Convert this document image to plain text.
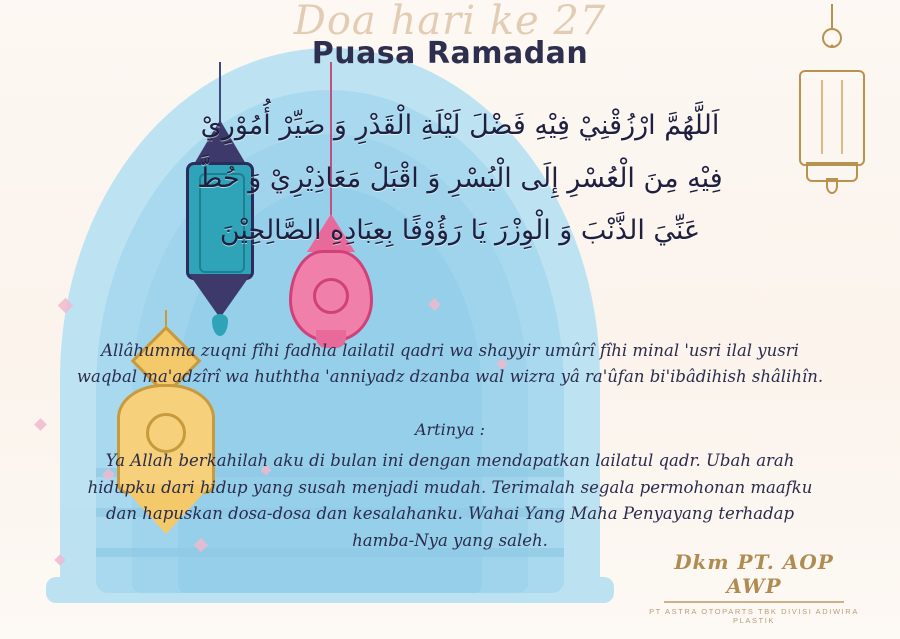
Doa hari ke 27
Puasa Ramadan
اَللَّهُمَّ ارْزُقْنِيْ فِيْهِ فَضْلَ لَيْلَةِ الْقَدْرِ وَ صَيِّرْ أُمُوْرِيْ
فِيْهِ مِنَ الْعُسْرِ إِلَى الْيُسْرِ وَ اقْبَلْ مَعَاذِيْرِيْ وَ حُطَّ
عَنِّيَ الذَّنْبَ وَ الْوِزْرَ يَا رَؤُوْفًا بِعِبَادِهِ الصَّالِحِيْنَ
Allâhumma zuqni fîhi fadhla lailatil qadri wa shayyir umûrî fîhi minal 'usri ilal yusri
waqbal ma'adzîrî wa huththa 'anniyadz dzanba wal wizra yâ ra'ûfan bi'ibâdihish shâlihîn.
Artinya :
Ya Allah berkahilah aku di bulan ini dengan mendapatkan lailatul qadr. Ubah arah
hidupku dari hidup yang susah menjadi mudah. Terimalah segala permohonan maafku
dan hapuskan dosa-dosa dan kesalahanku. Wahai Yang Maha Penyayang terhadap
hamba-Nya yang saleh.
Dkm PT. AOP AWP
PT ASTRA OTOPARTS TBK DIVISI ADIWIRA PLASTIK
